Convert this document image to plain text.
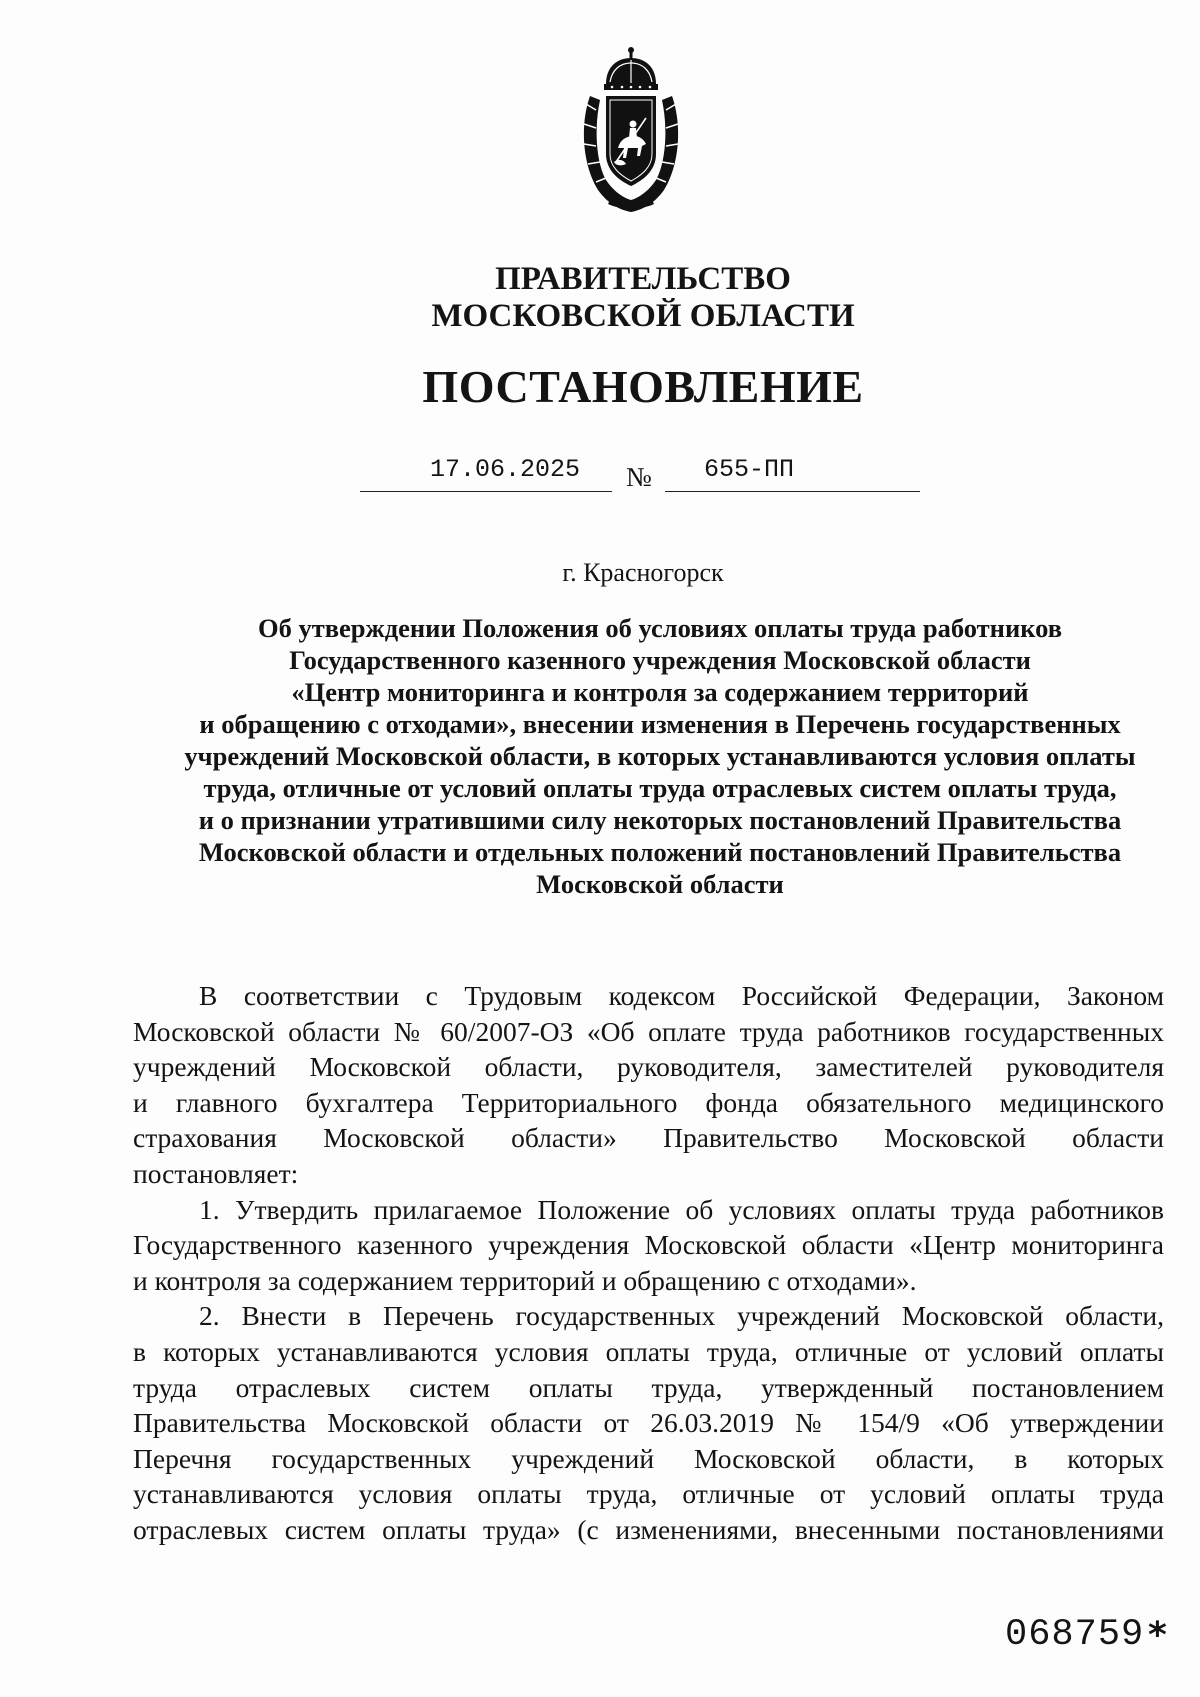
ПРАВИТЕЛЬСТВО
МОСКОВСКОЙ ОБЛАСТИ
ПОСТАНОВЛЕНИЕ
17.06.2025 № 655-ПП
г. Красногорск
Об утверждении Положения об условиях оплаты труда работников
Государственного казенного учреждения Московской области
«Центр мониторинга и контроля за содержанием территорий
и обращению с отходами», внесении изменения в Перечень государственных
учреждений Московской области, в которых устанавливаются условия оплаты
труда, отличные от условий оплаты труда отраслевых систем оплаты труда,
и о признании утратившими силу некоторых постановлений Правительства
Московской области и отдельных положений постановлений Правительства
Московской области
В соответствии с Трудовым кодексом Российской Федерации, Законом
Московской области № 60/2007-ОЗ «Об оплате труда работников государственных
учреждений Московской области, руководителя, заместителей руководителя
и главного бухгалтера Территориального фонда обязательного медицинского
страхования Московской области» Правительство Московской области
постановляет:
1. Утвердить прилагаемое Положение об условиях оплаты труда работников
Государственного казенного учреждения Московской области «Центр мониторинга
и контроля за содержанием территорий и обращению с отходами».
2. Внести в Перечень государственных учреждений Московской области,
в которых устанавливаются условия оплаты труда, отличные от условий оплаты
труда отраслевых систем оплаты труда, утвержденный постановлением
Правительства Московской области от 26.03.2019 № 154/9 «Об утверждении
Перечня государственных учреждений Московской области, в которых
устанавливаются условия оплаты труда, отличные от условий оплаты труда
отраслевых систем оплаты труда» (с изменениями, внесенными постановлениями
068759 *
